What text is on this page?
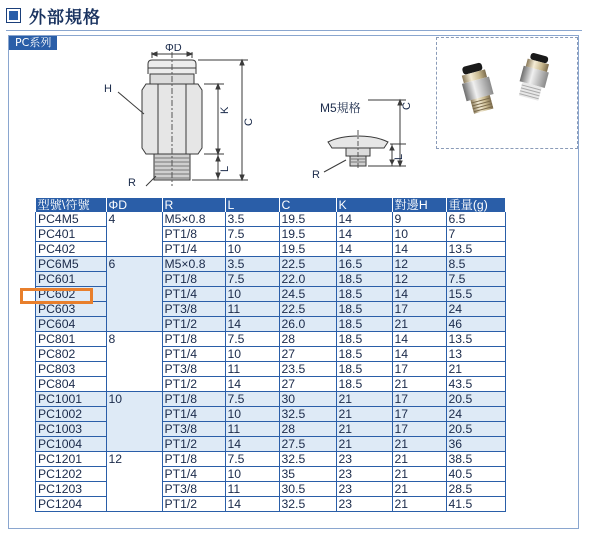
外部規格
PC系列	ΦD
H
K
C
L
R
M5規格	C
L
R
型號\符號	ΦD	R	L	C	K	對邊H	重量(g)
PC4M5	4	M5×0.8	3.5	19.5	14	9	6.5
PC401		PT1/8	7.5	19.5	14	10	7
PC402		PT1/4	10	19.5	14	14	13.5
PC6M5	6	M5×0.8	3.5	22.5	16.5	12	8.5
PC601		PT1/8	7.5	22.0	18.5	12	7.5
PC602		PT1/4	10	24.5	18.5	14	15.5
PC603		PT3/8	11	22.5	18.5	17	24
PC604		PT1/2	14	26.0	18.5	21	46
PC801	8	PT1/8	7.5	28	18.5	14	13.5
PC802		PT1/4	10	27	18.5	14	13
PC803		PT3/8	11	23.5	18.5	17	21
PC804		PT1/2	14	27	18.5	21	43.5
PC1001	10	PT1/8	7.5	30	21	17	20.5
PC1002		PT1/4	10	32.5	21	17	24
PC1003		PT3/8	11	28	21	17	20.5
PC1004		PT1/2	14	27.5	21	21	36
PC1201	12	PT1/8	7.5	32.5	23	21	38.5
PC1202		PT1/4	10	35	23	21	40.5
PC1203		PT3/8	11	30.5	23	21	28.5
PC1204		PT1/2	14	32.5	23	21	41.5
